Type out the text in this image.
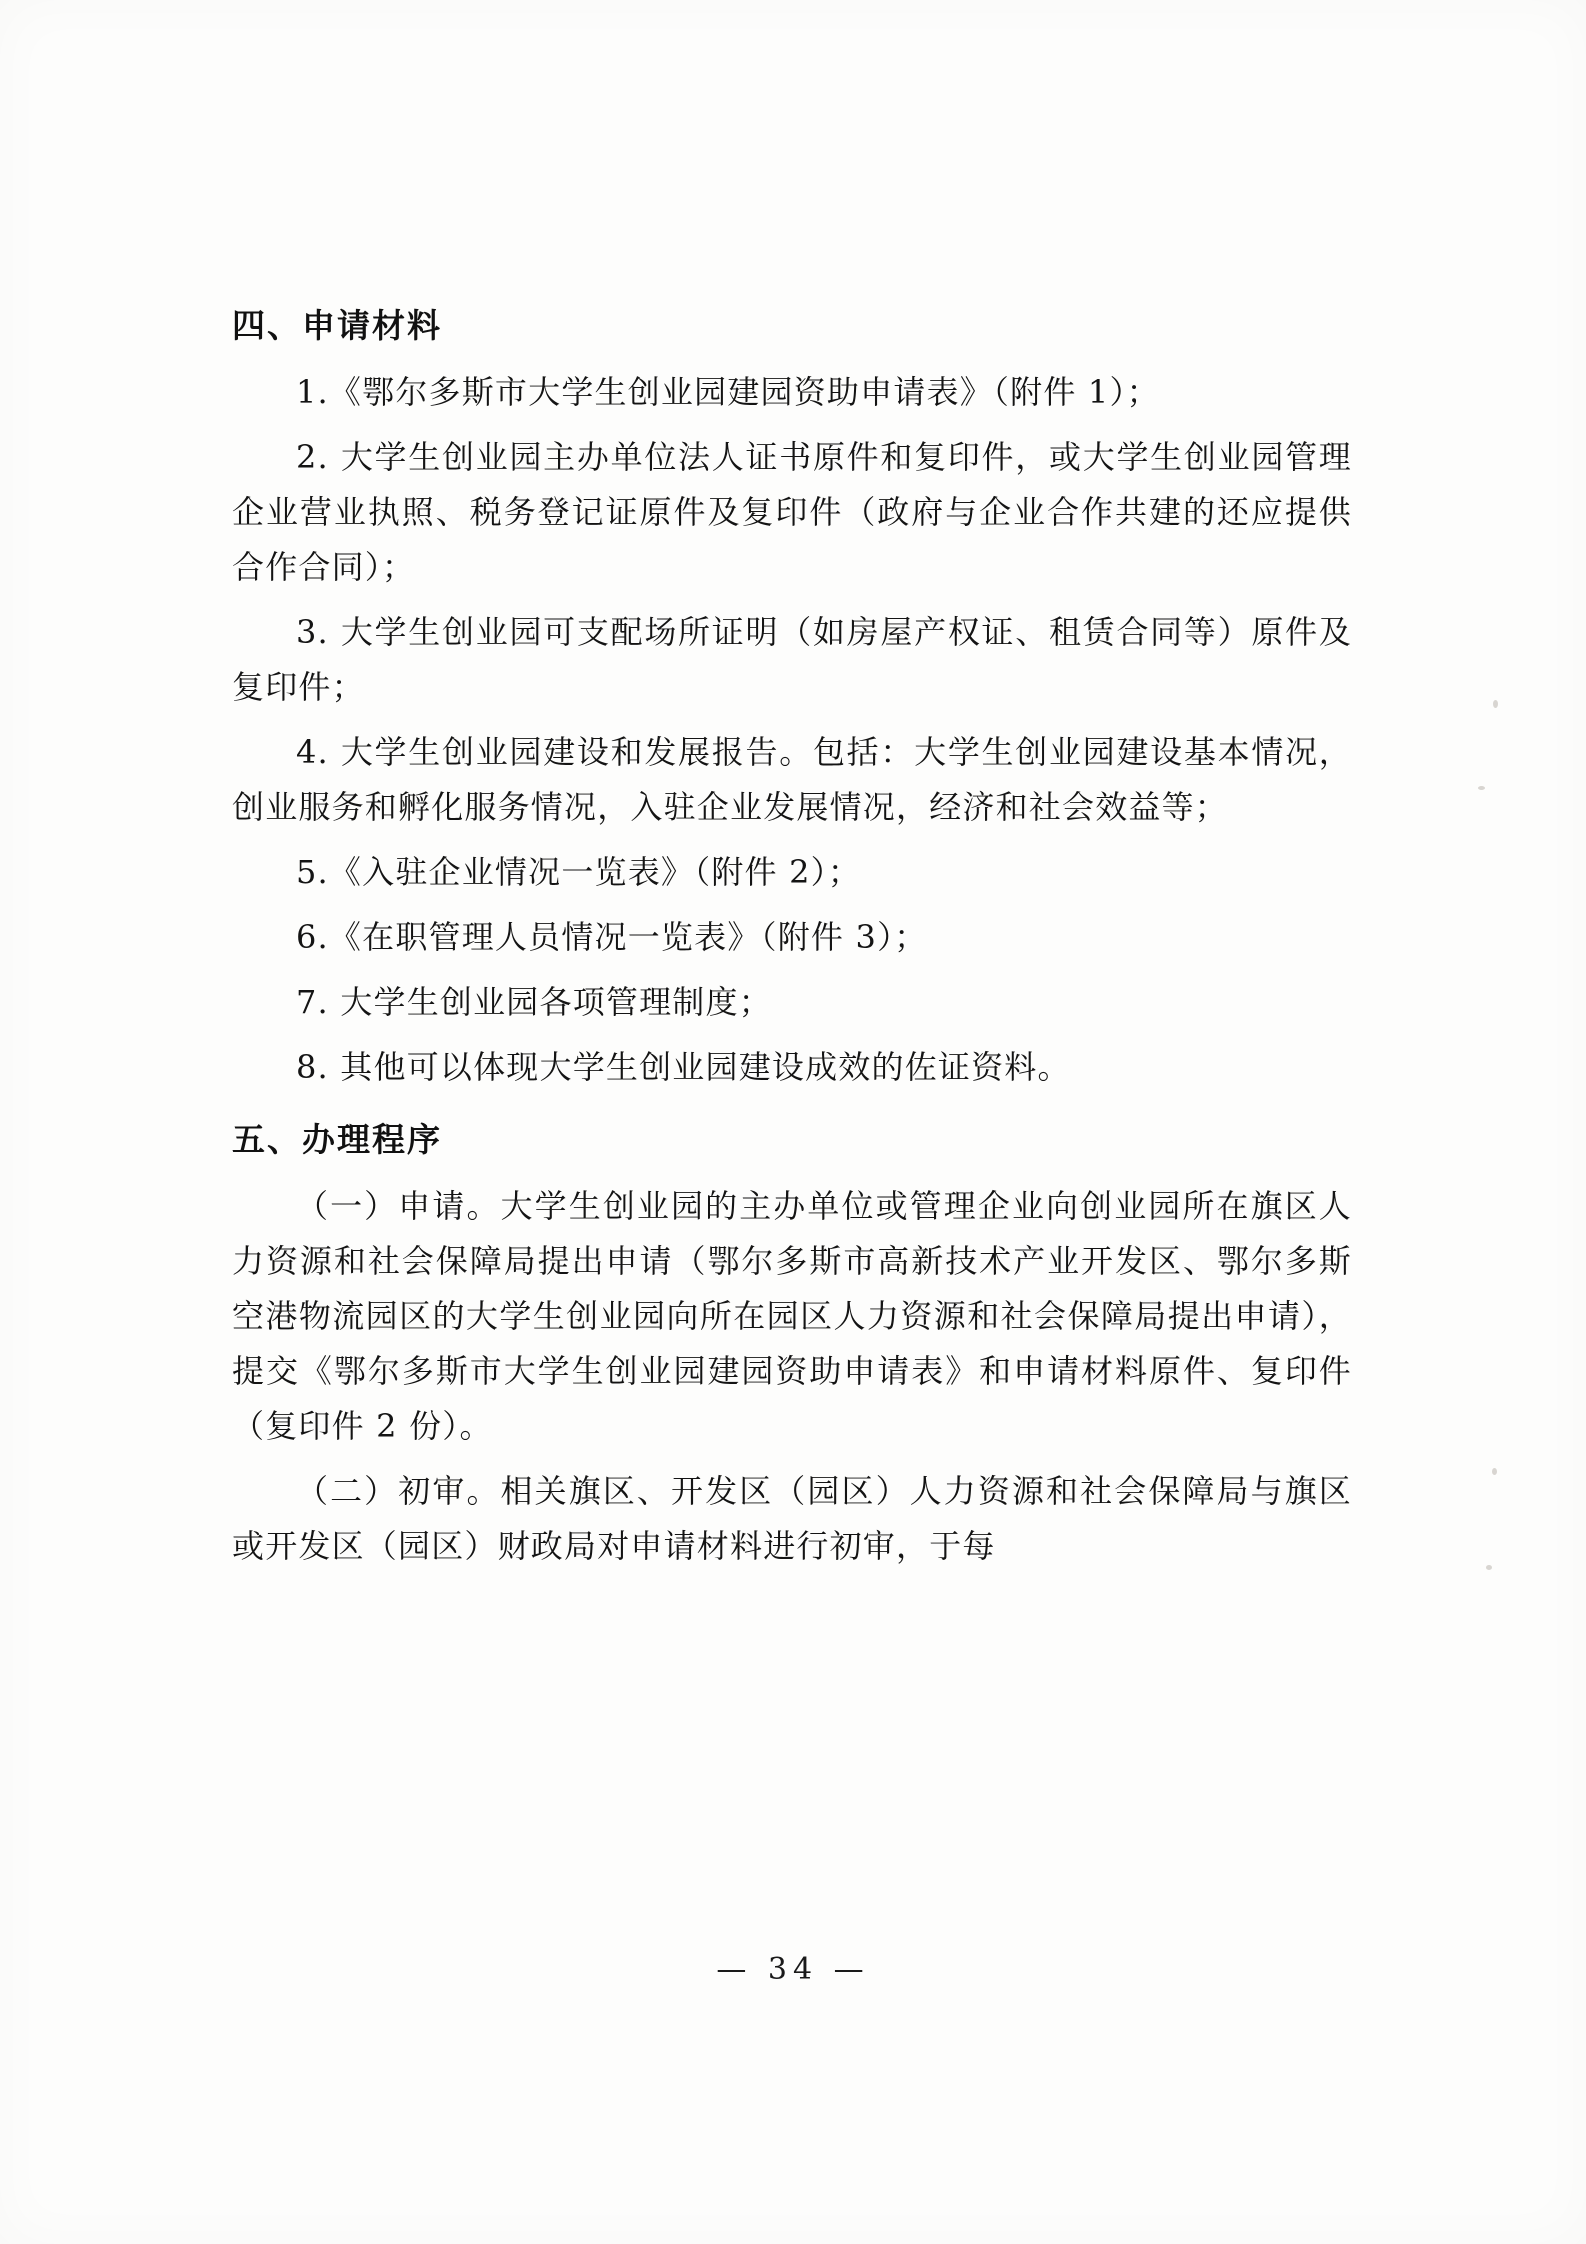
四、申请材料

1.《鄂尔多斯市大学生创业园建园资助申请表》（附件 1）；

2. 大学生创业园主办单位法人证书原件和复印件，或大学生创业园管理企业营业执照、税务登记证原件及复印件（政府与企业合作共建的还应提供合作合同）；

3. 大学生创业园可支配场所证明（如房屋产权证、租赁合同等）原件及复印件；

4. 大学生创业园建设和发展报告。包括：大学生创业园建设基本情况，创业服务和孵化服务情况，入驻企业发展情况，经济和社会效益等；

5.《入驻企业情况一览表》（附件 2）；

6.《在职管理人员情况一览表》（附件 3）；

7. 大学生创业园各项管理制度；

8. 其他可以体现大学生创业园建设成效的佐证资料。

五、办理程序

（一）申请。大学生创业园的主办单位或管理企业向创业园所在旗区人力资源和社会保障局提出申请（鄂尔多斯市高新技术产业开发区、鄂尔多斯空港物流园区的大学生创业园向所在园区人力资源和社会保障局提出申请），提交《鄂尔多斯市大学生创业园建园资助申请表》和申请材料原件、复印件（复印件 2 份）。

（二）初审。相关旗区、开发区（园区）人力资源和社会保障局与旗区或开发区（园区）财政局对申请材料进行初审，于每

— 34 —
